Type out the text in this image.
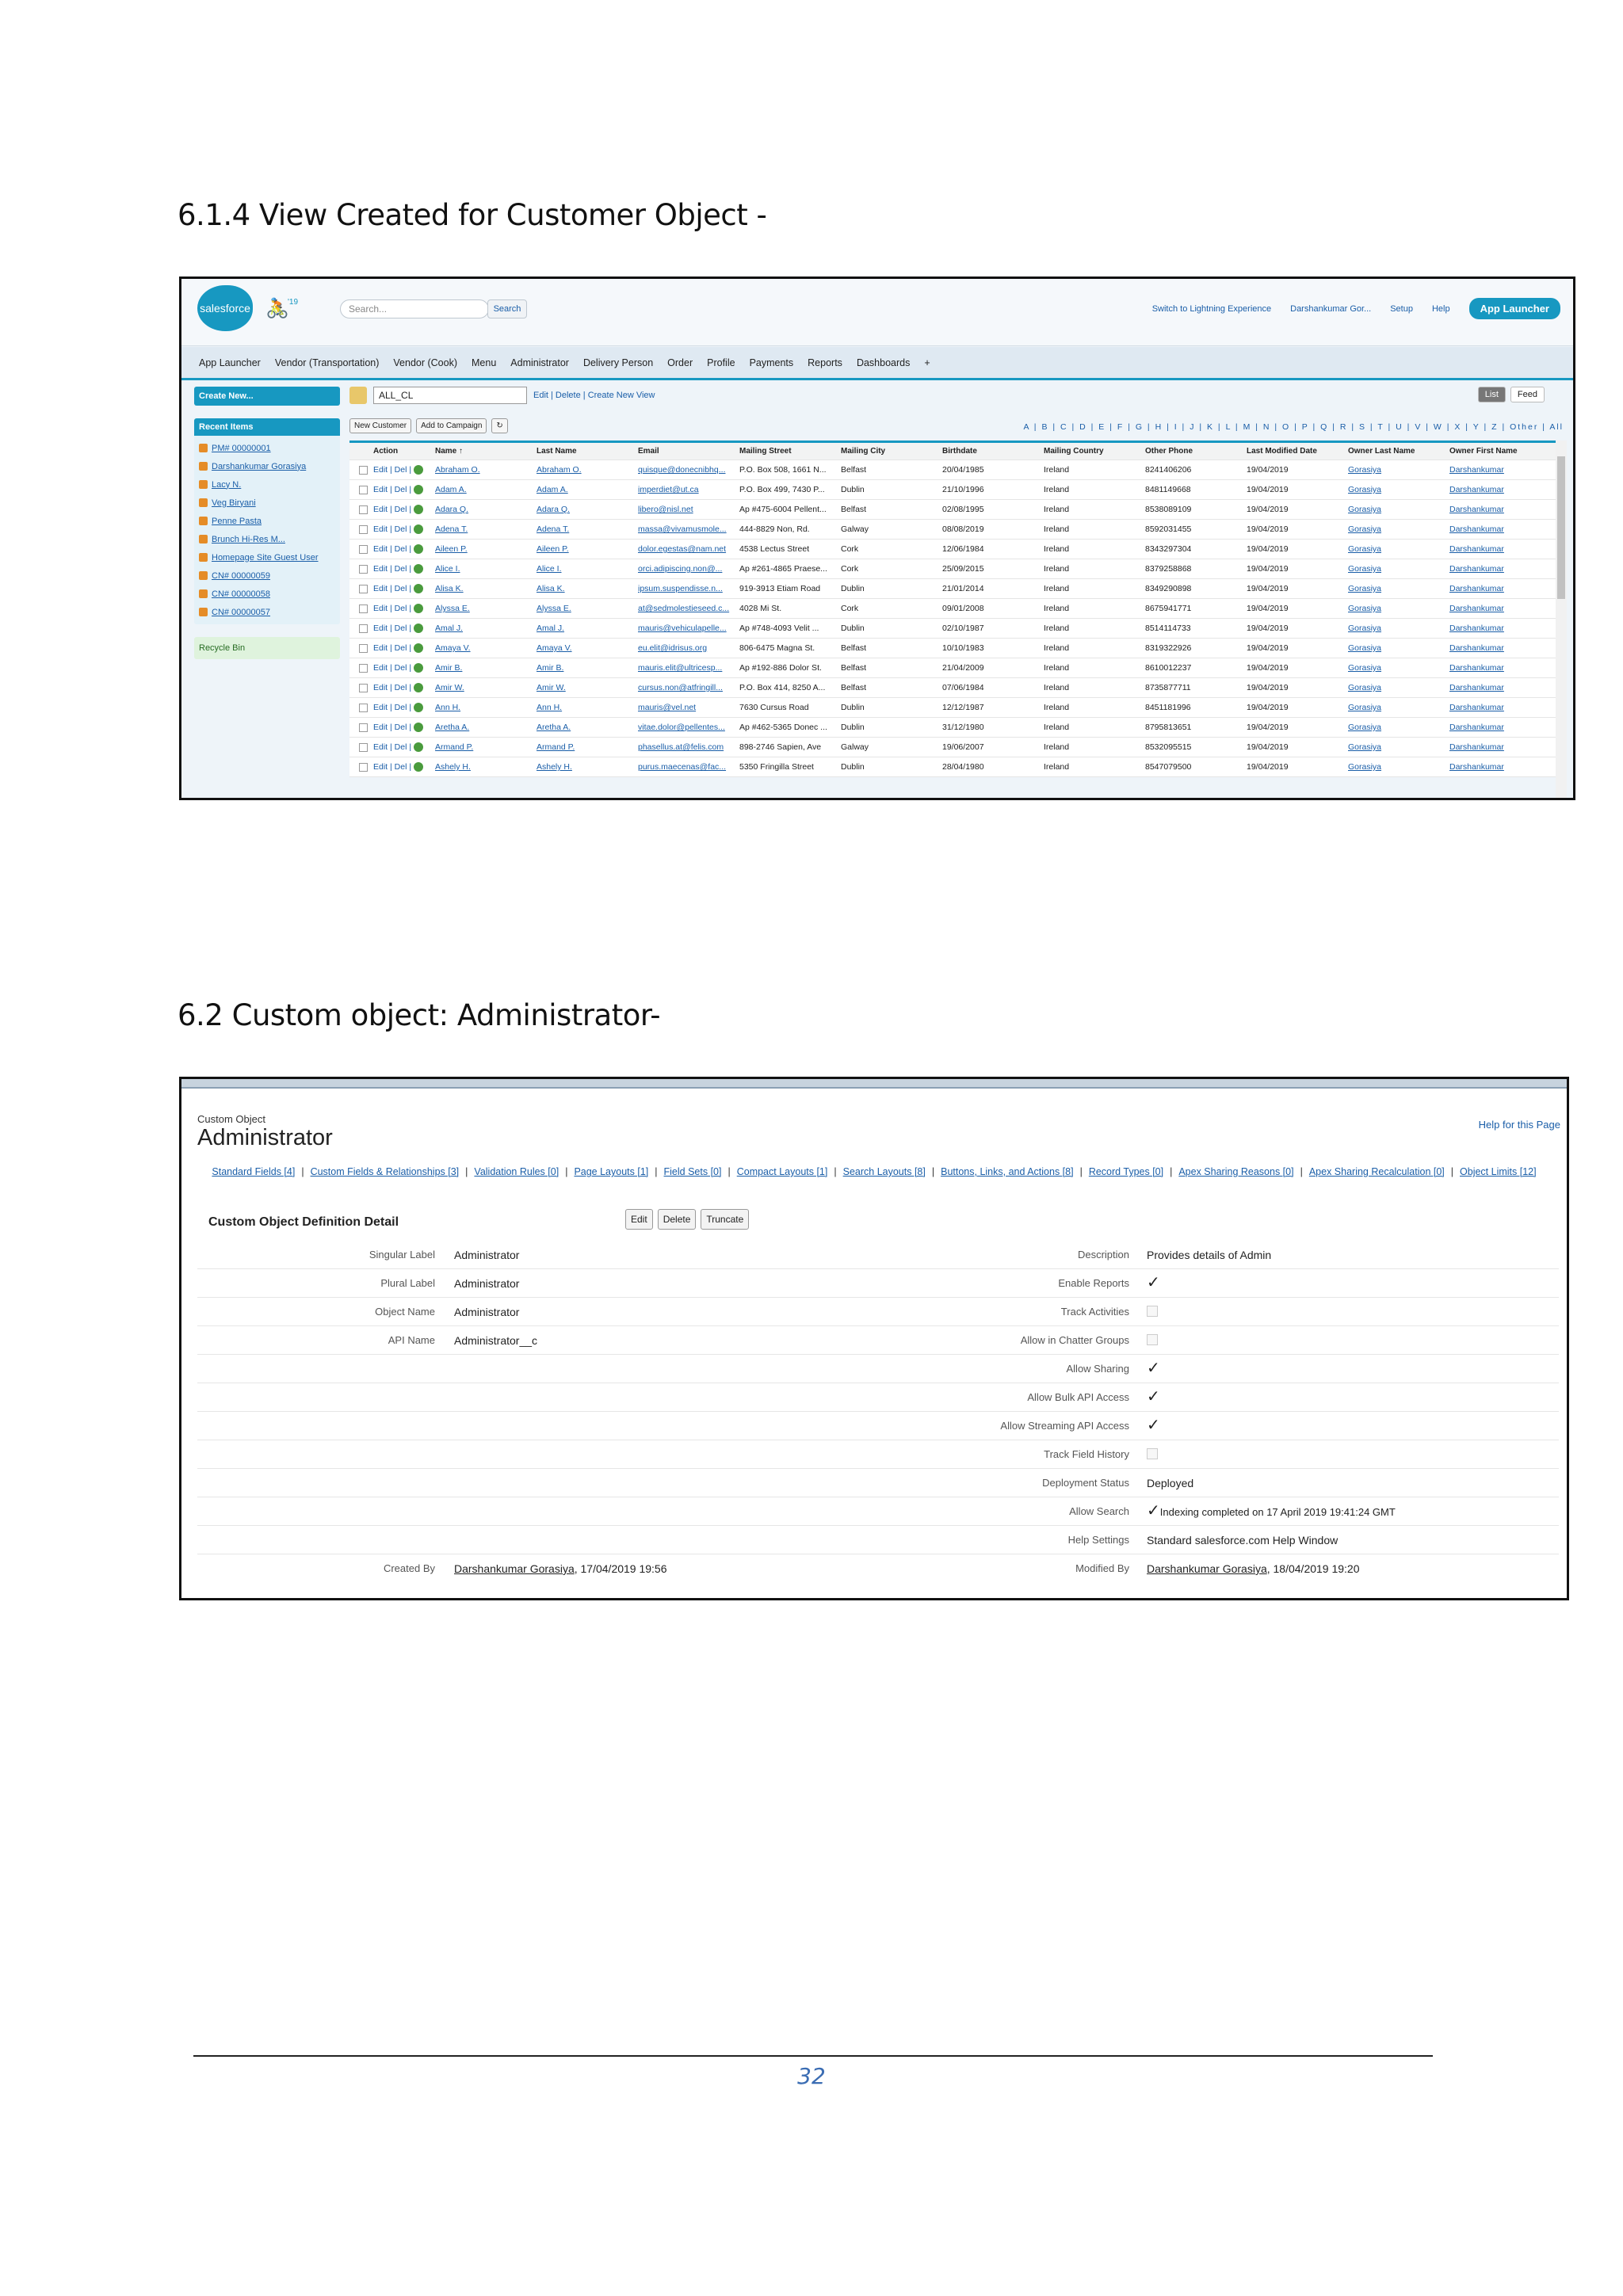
6.1.4 View Created for Customer Object -
salesforce 🚴
'19
Search...	Search	Switch to Lightning Experience Darshankumar Gor... Setup Help	App Launcher
App Launcher Vendor (Transportation) Vendor (Cook) Menu Administrator Delivery Person Order Profile Payments Reports Dashboards +
Create New...
Recent Items
PM# 00000001
Darshankumar Gorasiya
Lacy N.
Veg Biryani
Penne Pasta
Brunch Hi-Res M...
Homepage Site Guest User
CN# 00000059
CN# 00000058
CN# 00000057
Recycle Bin
ALL_CL	Edit | Delete | Create New View	List	Feed
New Customer	Add to Campaign	↻	A | B | C | D | E | F | G | H | I | J | K | L | M | N | O | P | Q | R | S | T | U | V | W | X | Y | Z | Other | All
Action	Name ↑	Last Name	Email	Mailing Street	Mailing City	Birthdate	Mailing Country	Other Phone	Last Modified Date	Owner Last Name	Owner First Name
Edit | Del |	Abraham O.	Abraham O.	quisque@donecnibhq...	P.O. Box 508, 1661 N...	Belfast	20/04/1985	Ireland	8241406206	19/04/2019	Gorasiya	Darshankumar
Edit | Del |	Adam A.	Adam A.	imperdiet@ut.ca	P.O. Box 499, 7430 P...	Dublin	21/10/1996	Ireland	8481149668	19/04/2019	Gorasiya	Darshankumar
Edit | Del |	Adara Q.	Adara Q.	libero@nisl.net	Ap #475-6004 Pellent...	Belfast	02/08/1995	Ireland	8538089109	19/04/2019	Gorasiya	Darshankumar
Edit | Del |	Adena T.	Adena T.	massa@vivamusmole...	444-8829 Non, Rd.	Galway	08/08/2019	Ireland	8592031455	19/04/2019	Gorasiya	Darshankumar
Edit | Del |	Aileen P.	Aileen P.	dolor.egestas@nam.net	4538 Lectus Street	Cork	12/06/1984	Ireland	8343297304	19/04/2019	Gorasiya	Darshankumar
Edit | Del |	Alice I.	Alice I.	orci.adipiscing.non@...	Ap #261-4865 Praese...	Cork	25/09/2015	Ireland	8379258868	19/04/2019	Gorasiya	Darshankumar
Edit | Del |	Alisa K.	Alisa K.	ipsum.suspendisse.n...	919-3913 Etiam Road	Dublin	21/01/2014	Ireland	8349290898	19/04/2019	Gorasiya	Darshankumar
Edit | Del |	Alyssa E.	Alyssa E.	at@sedmolestieseed.c...	4028 Mi St.	Cork	09/01/2008	Ireland	8675941771	19/04/2019	Gorasiya	Darshankumar
Edit | Del |	Amal J.	Amal J.	mauris@vehiculapelle...	Ap #748-4093 Velit ...	Dublin	02/10/1987	Ireland	8514114733	19/04/2019	Gorasiya	Darshankumar
Edit | Del |	Amaya V.	Amaya V.	eu.elit@idrisus.org	806-6475 Magna St.	Belfast	10/10/1983	Ireland	8319322926	19/04/2019	Gorasiya	Darshankumar
Edit | Del |	Amir B.	Amir B.	mauris.elit@ultricesp...	Ap #192-886 Dolor St.	Belfast	21/04/2009	Ireland	8610012237	19/04/2019	Gorasiya	Darshankumar
Edit | Del |	Amir W.	Amir W.	cursus.non@atfringill...	P.O. Box 414, 8250 A...	Belfast	07/06/1984	Ireland	8735877711	19/04/2019	Gorasiya	Darshankumar
Edit | Del |	Ann H.	Ann H.	mauris@vel.net	7630 Cursus Road	Dublin	12/12/1987	Ireland	8451181996	19/04/2019	Gorasiya	Darshankumar
Edit | Del |	Aretha A.	Aretha A.	vitae.dolor@pellentes...	Ap #462-5365 Donec ...	Dublin	31/12/1980	Ireland	8795813651	19/04/2019	Gorasiya	Darshankumar
Edit | Del |	Armand P.	Armand P.	phasellus.at@felis.com	898-2746 Sapien, Ave	Galway	19/06/2007	Ireland	8532095515	19/04/2019	Gorasiya	Darshankumar
Edit | Del |	Ashely H.	Ashely H.	purus.maecenas@fac...	5350 Fringilla Street	Dublin	28/04/1980	Ireland	8547079500	19/04/2019	Gorasiya	Darshankumar
6.2 Custom object: Administrator-
Custom Object
Administrator
Help for this Page
Standard Fields [4] | Custom Fields & Relationships [3] | Validation Rules [0] | Page Layouts [1] | Field Sets [0] | Compact Layouts [1] | Search Layouts [8] | Buttons, Links, and Actions [8] | Record Types [0] | Apex Sharing Reasons [0] | Apex Sharing Recalculation [0] | Object Limits [12]
Custom Object Definition Detail	Edit	Delete	Truncate
Singular Label Administrator	Description Provides details of Admin
Plural Label Administrator	Enable Reports ✓
Object Name Administrator	Track Activities
API Name Administrator__c	Allow in Chatter Groups
Allow Sharing ✓
Allow Bulk API Access ✓
Allow Streaming API Access ✓
Track Field History
Deployment Status Deployed
Allow Search ✓Indexing completed on 17 April 2019 19:41:24 GMT
Help Settings Standard salesforce.com Help Window
Created By Darshankumar Gorasiya, 17/04/2019 19:56	Modified By Darshankumar Gorasiya, 18/04/2019 19:20
32
